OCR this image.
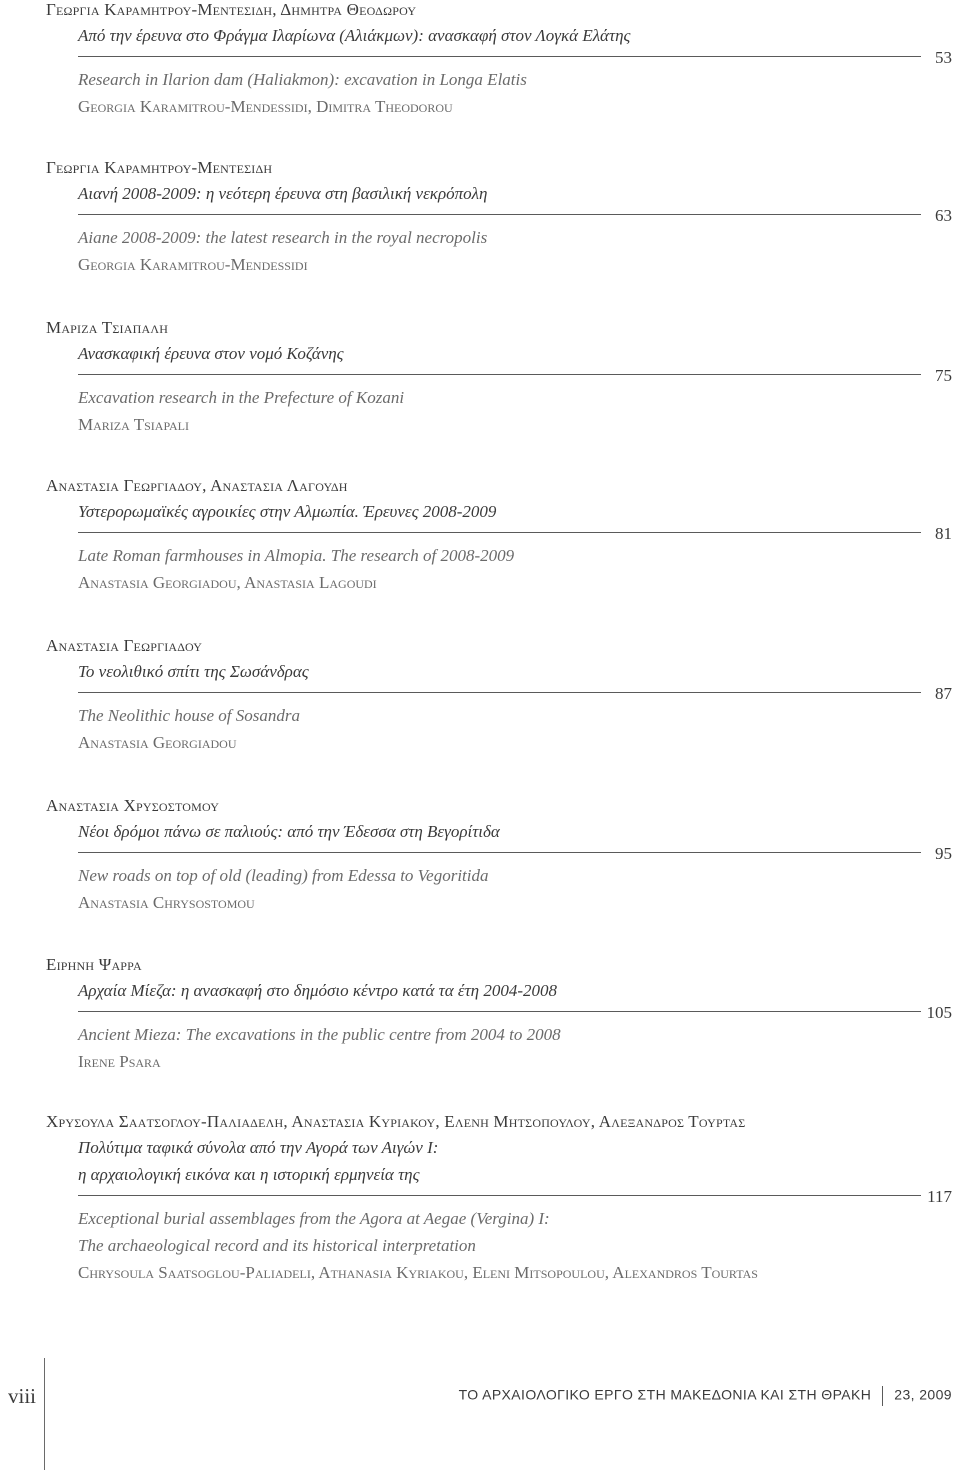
Γεωργια Καραμητρου-Μεντεσιδη, Δημητρα Θεοδωρου
Από την έρευνα στο Φράγμα Ιλαρίωνα (Αλιάκμων): ανασκαφή στον Λογκά Ελάτης
53
Research in Ilarion dam (Haliakmon): excavation in Longa Elatis
Georgia Karamitrou-Mendessidi, Dimitra Theodorou
Γεωργια Καραμητρου-Μεντεσιδη
Αιανή 2008-2009: η νεότερη έρευνα στη βασιλική νεκρόπολη
63
Aiane 2008-2009: the latest research in the royal necropolis
Georgia Karamitrou-Mendessidi
Μαριζα Τσιαπαλη
Ανασκαφική έρευνα στον νομό Κοζάνης
75
Excavation research in the Prefecture of Kozani
Mariza Tsiapali
Αναστασια Γεωργιαδου, Αναστασια Λαγουδη
Υστερορωμαϊκές αγροικίες στην Αλμωπία. Έρευνες 2008-2009
81
Late Roman farmhouses in Almopia. The research of 2008-2009
Anastasia Georgiadou, Anastasia Lagoudi
Αναστασια Γεωργιαδου
Το νεολιθικό σπίτι της Σωσάνδρας
87
The Neolithic house of Sosandra
Anastasia Georgiadou
Αναστασια Χρυσοστομου
Νέοι δρόμοι πάνω σε παλιούς: από την Έδεσσα στη Βεγορίτιδα
95
New roads on top of old (leading) from Edessa to Vegoritida
Anastasia Chrysostomou
Ειρηνη Ψαρρα
Αρχαία Μίεζα: η ανασκαφή στο δημόσιο κέντρο κατά τα έτη 2004-2008
105
Ancient Mieza: The excavations in the public centre from 2004 to 2008
Irene Psara
Χρυσουλα Σααtσογλου-Παλιαδελη, Αναστασια Κυριακου, Ελενη Μητσοπουλου, Αλεξανδρος Τουρτας
Πολύτιμα ταφικά σύνολα από την Αγορά των Αιγών Ι:
η αρχαιολογική εικόνα και η ιστορική ερμηνεία της
117
Exceptional burial assemblages from the Agora at Aegae (Vergina) I:
The archaeological record and its historical interpretation
Chrysoula Saatsoglou-Paliadeli, Athanasia Kyriakou, Eleni Mitsopoulou, Alexandros Tourtas
viii	ΤΟ ΑΡΧΑΙΟΛΟΓΙΚΟ ΕΡΓΟ ΣΤΗ ΜΑΚΕΔΟΝΙΑ ΚΑΙ ΣΤΗ ΘΡΑΚΗ 23, 2009
